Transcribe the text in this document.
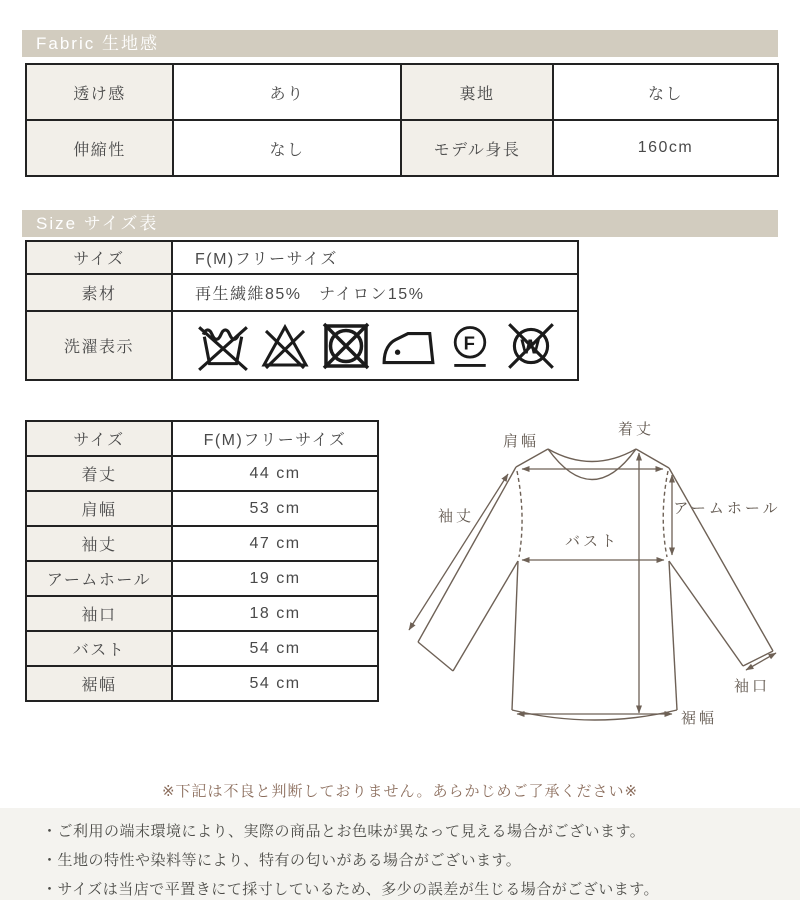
Fabric 生地感
透け感	あり	裏地	なし
伸縮性	なし	モデル身長	160cm
Size サイズ表
サイズ	F(M)フリーサイズ
素材	再生繊維85%　ナイロン15%
洗濯表示	F W
サイズ	F(M)フリーサイズ
着丈	44 cm
肩幅	53 cm
袖丈	47 cm
アームホール	19 cm
袖口	18 cm
バスト	54 cm
裾幅	54 cm
着丈
肩幅
袖丈	アームホール
バスト
袖口
裾幅
※下記は不良と判断しておりません。あらかじめご了承ください※

・ご利用の端末環境により、実際の商品とお色味が異なって見える場合がございます。

・生地の特性や染料等により、特有の匂いがある場合がございます。

・サイズは当店で平置きにて採寸しているため、多少の誤差が生じる場合がございます。
